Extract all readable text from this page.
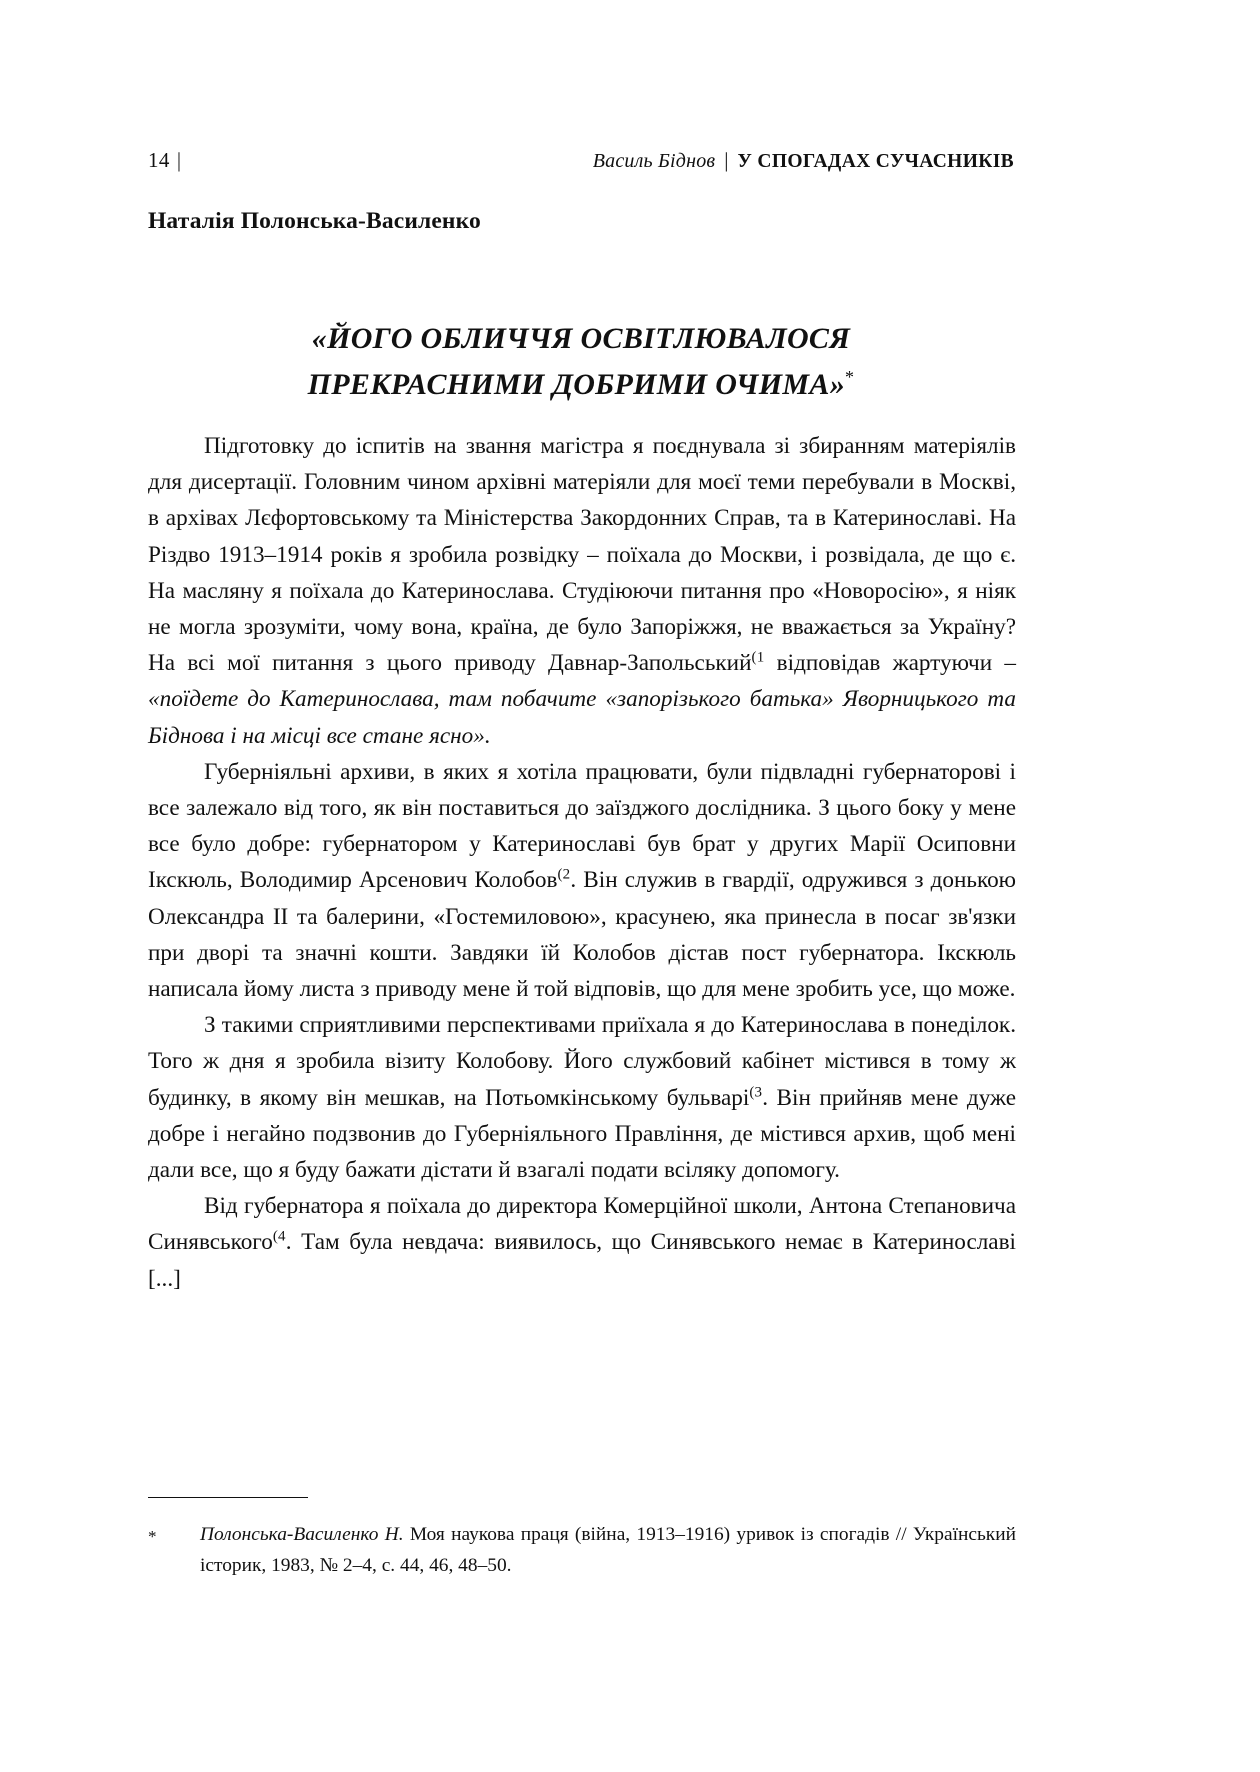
14 |	Василь Біднов | У СПОГАДАХ СУЧАСНИКІВ
Наталія Полонська-Василенко
«ЙОГО ОБЛИЧЧЯ ОСВІТЛЮВАЛОСЯ
ПРЕКРАСНИМИ ДОБРИМИ ОЧИМА»*

Підготовку до іспитів на звання магістра я поєднувала зі збиранням матеріялів для дисертації. Головним чином архівні матеріяли для моєї теми перебували в Москві, в архівах Лєфортовському та Міністерства Закордонних Справ, та в Катеринославі. На Різдво 1913–1914 років я зробила розвідку – поїхала до Москви, і розвідала, де що є. На масляну я поїхала до Катеринослава. Студіюючи питання про «Новоросію», я ніяк не могла зрозуміти, чому вона, країна, де було Запоріжжя, не вважається за Україну? На всі мої питання з цього приводу Давнар-Запольський$^{(1}$ відповідав жартуючи – «поїдете до Катеринослава, там побачите «запорізького батька» Яворницького та Біднова і на місці все стане ясно».

Губерніяльні архиви, в яких я хотіла працювати, були підвладні губернаторові і все залежало від того, як він поставиться до заїзджого дослідника. З цього боку у мене все було добре: губернатором у Катеринославі був брат у других Марії Осиповни Ікскюль, Володимир Арсенович Колобов$^{(2}$. Він служив в гвардії, одружився з донькою Олександра II та балерини, «Гостемиловою», красунею, яка принесла в посаг зв'язки при дворі та значні кошти. Завдяки їй Колобов дістав пост губернатора. Ікскюль написала йому листа з приводу мене й той відповів, що для мене зробить усе, що може.

З такими сприятливими перспективами приїхала я до Катеринослава в понеділок. Того ж дня я зробила візиту Колобову. Його службовий кабінет містився в тому ж будинку, в якому він мешкав, на Потьомкінському бульварі$^{(3}$. Він прийняв мене дуже добре і негайно подзвонив до Губерніяльного Правління, де містився архив, щоб мені дали все, що я буду бажати дістати й взагалі подати всіляку допомогу.

Від губернатора я поїхала до директора Комерційної школи, Антона Степановича Синявського$^{(4}$. Там була невдача: виявилось, що Синявського немає в Катеринославі [...]

*	Полонська-Василенко Н. Моя наукова праця (війна, 1913–1916) уривок із спогадів // Український історик, 1983, № 2–4, с. 44, 46, 48–50.
